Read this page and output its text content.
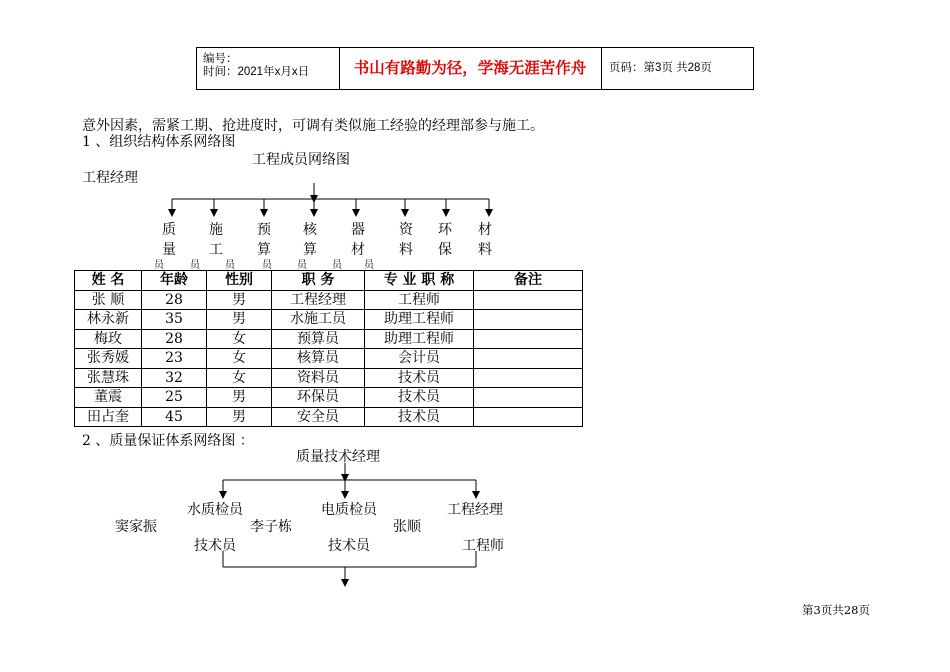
编号：
时间：2021年x月x日	书山有路勤为径，学海无涯苦作舟	页码：第3页 共28页
意外因素，需紧工期、抢进度时，可调有类似施工经验的经理部参与施工。
1 、组织结构体系网络图
工程成员网络图
工程经理
质
量
施
工
预
算
核
算
器
材
资
料
环
保
材
料
员	员	员	员	员	员 员
姓 名	年龄	性别	职 务	专 业 职 称	备注
张 顺	28	男	工程经理	工程师	
林永新	35	男	水施工员	助理工程师	
梅玫	28	女	预算员	助理工程师	
张秀媛	23	女	核算员	会计员	
张慧珠	32	女	资料员	技术员	
董震	25	男	环保员	技术员	
田占奎	45	男	安全员	技术员	
2 、质量保证体系网络图 ：
质量技术经理
水质检员
窦家振
技术员
电质检员
李子栋
技术员
工程经理
张顺
工程师
第3页共28页
